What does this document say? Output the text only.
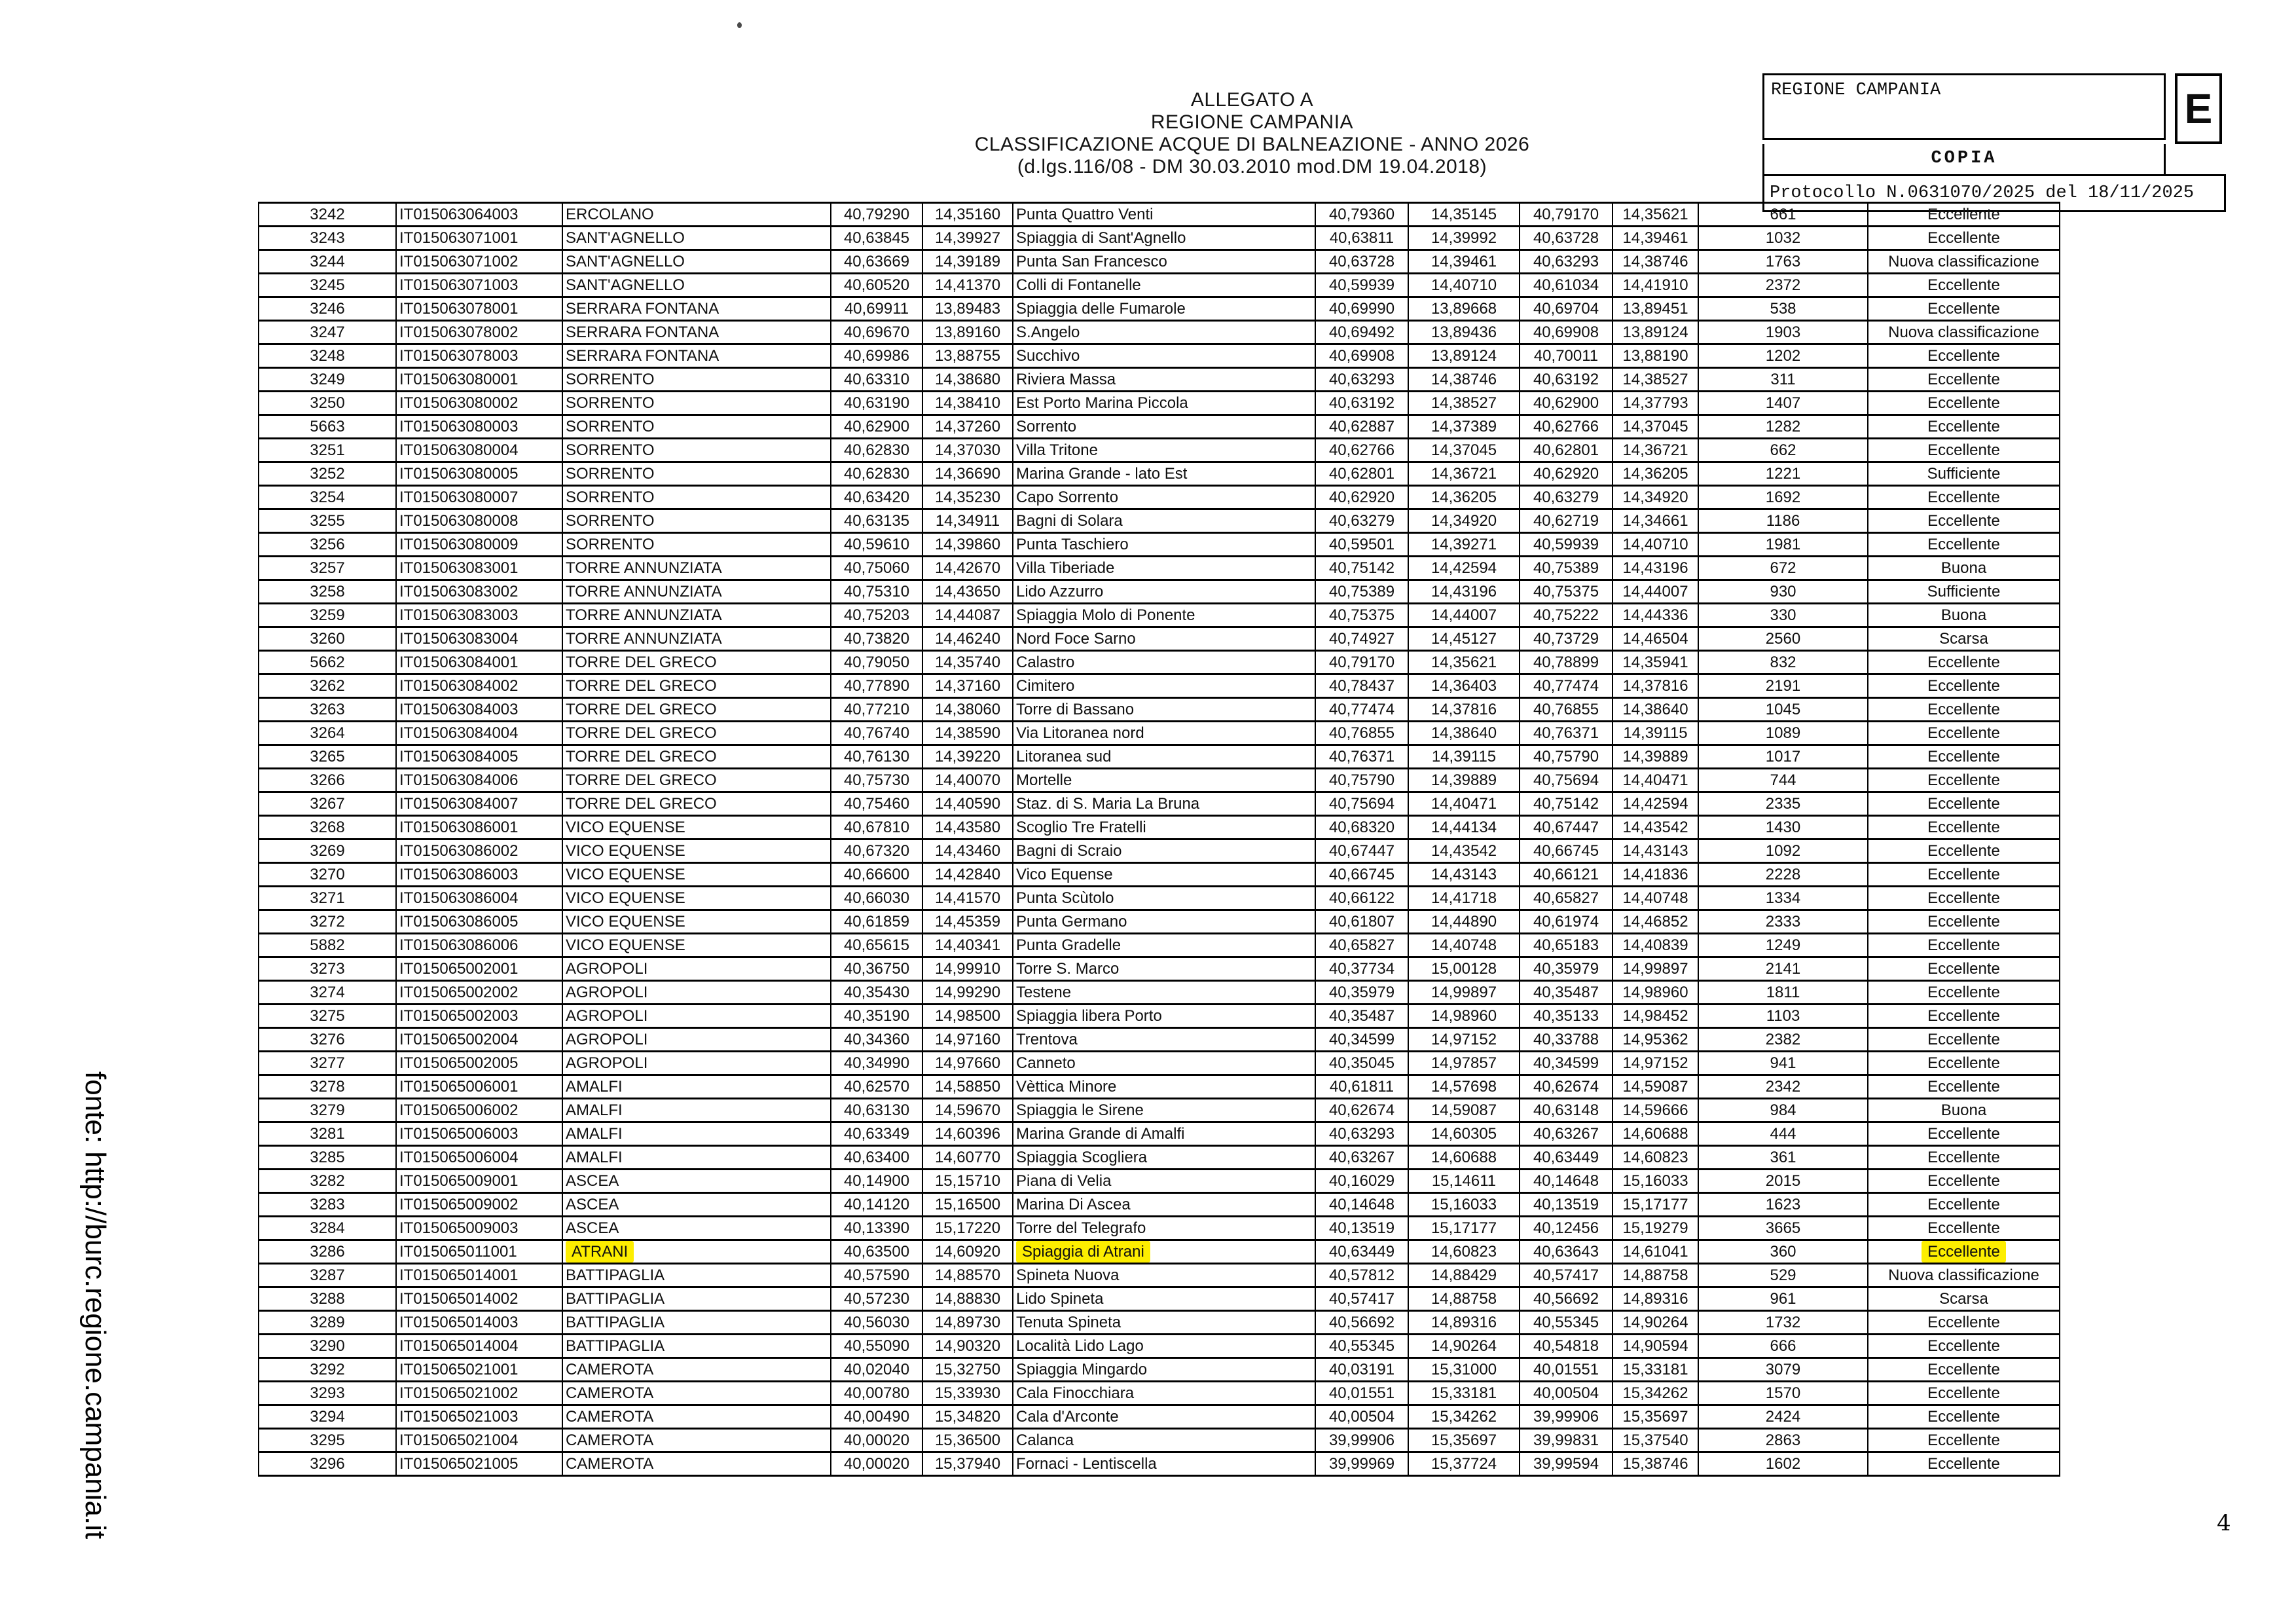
ALLEGATO A
REGIONE CAMPANIA
CLASSIFICAZIONE ACQUE DI BALNEAZIONE - ANNO 2026
(d.lgs.116/08 - DM 30.03.2010 mod.DM 19.04.2018)
REGIONE CAMPANIA	E
COPIA
Protocollo N.0631070/2025 del 18/11/2025
3242	IT015063064003	ERCOLANO	40,79290	14,35160	Punta Quattro Venti	40,79360	14,35145	40,79170	14,35621	661	Eccellente
3243	IT015063071001	SANT'AGNELLO	40,63845	14,39927	Spiaggia di Sant'Agnello	40,63811	14,39992	40,63728	14,39461	1032	Eccellente
3244	IT015063071002	SANT'AGNELLO	40,63669	14,39189	Punta San Francesco	40,63728	14,39461	40,63293	14,38746	1763	Nuova classificazione
3245	IT015063071003	SANT'AGNELLO	40,60520	14,41370	Colli di Fontanelle	40,59939	14,40710	40,61034	14,41910	2372	Eccellente
3246	IT015063078001	SERRARA FONTANA	40,69911	13,89483	Spiaggia delle Fumarole	40,69990	13,89668	40,69704	13,89451	538	Eccellente
3247	IT015063078002	SERRARA FONTANA	40,69670	13,89160	S.Angelo	40,69492	13,89436	40,69908	13,89124	1903	Nuova classificazione
3248	IT015063078003	SERRARA FONTANA	40,69986	13,88755	Succhivo	40,69908	13,89124	40,70011	13,88190	1202	Eccellente
3249	IT015063080001	SORRENTO	40,63310	14,38680	Riviera Massa	40,63293	14,38746	40,63192	14,38527	311	Eccellente
3250	IT015063080002	SORRENTO	40,63190	14,38410	Est Porto Marina Piccola	40,63192	14,38527	40,62900	14,37793	1407	Eccellente
5663	IT015063080003	SORRENTO	40,62900	14,37260	Sorrento	40,62887	14,37389	40,62766	14,37045	1282	Eccellente
3251	IT015063080004	SORRENTO	40,62830	14,37030	Villa Tritone	40,62766	14,37045	40,62801	14,36721	662	Eccellente
3252	IT015063080005	SORRENTO	40,62830	14,36690	Marina Grande - lato Est	40,62801	14,36721	40,62920	14,36205	1221	Sufficiente
3254	IT015063080007	SORRENTO	40,63420	14,35230	Capo Sorrento	40,62920	14,36205	40,63279	14,34920	1692	Eccellente
3255	IT015063080008	SORRENTO	40,63135	14,34911	Bagni di Solara	40,63279	14,34920	40,62719	14,34661	1186	Eccellente
3256	IT015063080009	SORRENTO	40,59610	14,39860	Punta Taschiero	40,59501	14,39271	40,59939	14,40710	1981	Eccellente
3257	IT015063083001	TORRE ANNUNZIATA	40,75060	14,42670	Villa Tiberiade	40,75142	14,42594	40,75389	14,43196	672	Buona
3258	IT015063083002	TORRE ANNUNZIATA	40,75310	14,43650	Lido Azzurro	40,75389	14,43196	40,75375	14,44007	930	Sufficiente
3259	IT015063083003	TORRE ANNUNZIATA	40,75203	14,44087	Spiaggia Molo di Ponente	40,75375	14,44007	40,75222	14,44336	330	Buona
3260	IT015063083004	TORRE ANNUNZIATA	40,73820	14,46240	Nord Foce Sarno	40,74927	14,45127	40,73729	14,46504	2560	Scarsa
5662	IT015063084001	TORRE DEL GRECO	40,79050	14,35740	Calastro	40,79170	14,35621	40,78899	14,35941	832	Eccellente
3262	IT015063084002	TORRE DEL GRECO	40,77890	14,37160	Cimitero	40,78437	14,36403	40,77474	14,37816	2191	Eccellente
3263	IT015063084003	TORRE DEL GRECO	40,77210	14,38060	Torre di Bassano	40,77474	14,37816	40,76855	14,38640	1045	Eccellente
3264	IT015063084004	TORRE DEL GRECO	40,76740	14,38590	Via Litoranea nord	40,76855	14,38640	40,76371	14,39115	1089	Eccellente
3265	IT015063084005	TORRE DEL GRECO	40,76130	14,39220	Litoranea sud	40,76371	14,39115	40,75790	14,39889	1017	Eccellente
3266	IT015063084006	TORRE DEL GRECO	40,75730	14,40070	Mortelle	40,75790	14,39889	40,75694	14,40471	744	Eccellente
3267	IT015063084007	TORRE DEL GRECO	40,75460	14,40590	Staz. di S. Maria La Bruna	40,75694	14,40471	40,75142	14,42594	2335	Eccellente
3268	IT015063086001	VICO EQUENSE	40,67810	14,43580	Scoglio Tre Fratelli	40,68320	14,44134	40,67447	14,43542	1430	Eccellente
3269	IT015063086002	VICO EQUENSE	40,67320	14,43460	Bagni di Scraio	40,67447	14,43542	40,66745	14,43143	1092	Eccellente
3270	IT015063086003	VICO EQUENSE	40,66600	14,42840	Vico Equense	40,66745	14,43143	40,66121	14,41836	2228	Eccellente
3271	IT015063086004	VICO EQUENSE	40,66030	14,41570	Punta Scùtolo	40,66122	14,41718	40,65827	14,40748	1334	Eccellente
3272	IT015063086005	VICO EQUENSE	40,61859	14,45359	Punta Germano	40,61807	14,44890	40,61974	14,46852	2333	Eccellente
5882	IT015063086006	VICO EQUENSE	40,65615	14,40341	Punta Gradelle	40,65827	14,40748	40,65183	14,40839	1249	Eccellente
3273	IT015065002001	AGROPOLI	40,36750	14,99910	Torre S. Marco	40,37734	15,00128	40,35979	14,99897	2141	Eccellente
3274	IT015065002002	AGROPOLI	40,35430	14,99290	Testene	40,35979	14,99897	40,35487	14,98960	1811	Eccellente
3275	IT015065002003	AGROPOLI	40,35190	14,98500	Spiaggia libera Porto	40,35487	14,98960	40,35133	14,98452	1103	Eccellente
3276	IT015065002004	AGROPOLI	40,34360	14,97160	Trentova	40,34599	14,97152	40,33788	14,95362	2382	Eccellente
3277	IT015065002005	AGROPOLI	40,34990	14,97660	Canneto	40,35045	14,97857	40,34599	14,97152	941	Eccellente
3278	IT015065006001	AMALFI	40,62570	14,58850	Vèttica Minore	40,61811	14,57698	40,62674	14,59087	2342	Eccellente
3279	IT015065006002	AMALFI	40,63130	14,59670	Spiaggia le Sirene	40,62674	14,59087	40,63148	14,59666	984	Buona
3281	IT015065006003	AMALFI	40,63349	14,60396	Marina Grande di Amalfi	40,63293	14,60305	40,63267	14,60688	444	Eccellente
3285	IT015065006004	AMALFI	40,63400	14,60770	Spiaggia Scogliera	40,63267	14,60688	40,63449	14,60823	361	Eccellente
3282	IT015065009001	ASCEA	40,14900	15,15710	Piana di Velia	40,16029	15,14611	40,14648	15,16033	2015	Eccellente
3283	IT015065009002	ASCEA	40,14120	15,16500	Marina Di Ascea	40,14648	15,16033	40,13519	15,17177	1623	Eccellente
3284	IT015065009003	ASCEA	40,13390	15,17220	Torre del Telegrafo	40,13519	15,17177	40,12456	15,19279	3665	Eccellente
3286	IT015065011001	ATRANI	40,63500	14,60920	Spiaggia di Atrani	40,63449	14,60823	40,63643	14,61041	360	Eccellente
3287	IT015065014001	BATTIPAGLIA	40,57590	14,88570	Spineta Nuova	40,57812	14,88429	40,57417	14,88758	529	Nuova classificazione
3288	IT015065014002	BATTIPAGLIA	40,57230	14,88830	Lido Spineta	40,57417	14,88758	40,56692	14,89316	961	Scarsa
3289	IT015065014003	BATTIPAGLIA	40,56030	14,89730	Tenuta Spineta	40,56692	14,89316	40,55345	14,90264	1732	Eccellente
3290	IT015065014004	BATTIPAGLIA	40,55090	14,90320	Località Lido Lago	40,55345	14,90264	40,54818	14,90594	666	Eccellente
3292	IT015065021001	CAMEROTA	40,02040	15,32750	Spiaggia Mingardo	40,03191	15,31000	40,01551	15,33181	3079	Eccellente
3293	IT015065021002	CAMEROTA	40,00780	15,33930	Cala Finocchiara	40,01551	15,33181	40,00504	15,34262	1570	Eccellente
3294	IT015065021003	CAMEROTA	40,00490	15,34820	Cala d'Arconte	40,00504	15,34262	39,99906	15,35697	2424	Eccellente
3295	IT015065021004	CAMEROTA	40,00020	15,36500	Calanca	39,99906	15,35697	39,99831	15,37540	2863	Eccellente
3296	IT015065021005	CAMEROTA	40,00020	15,37940	Fornaci - Lentiscella	39,99969	15,37724	39,99594	15,38746	1602	Eccellente
fonte: http://burc.regione.campania.it	4
